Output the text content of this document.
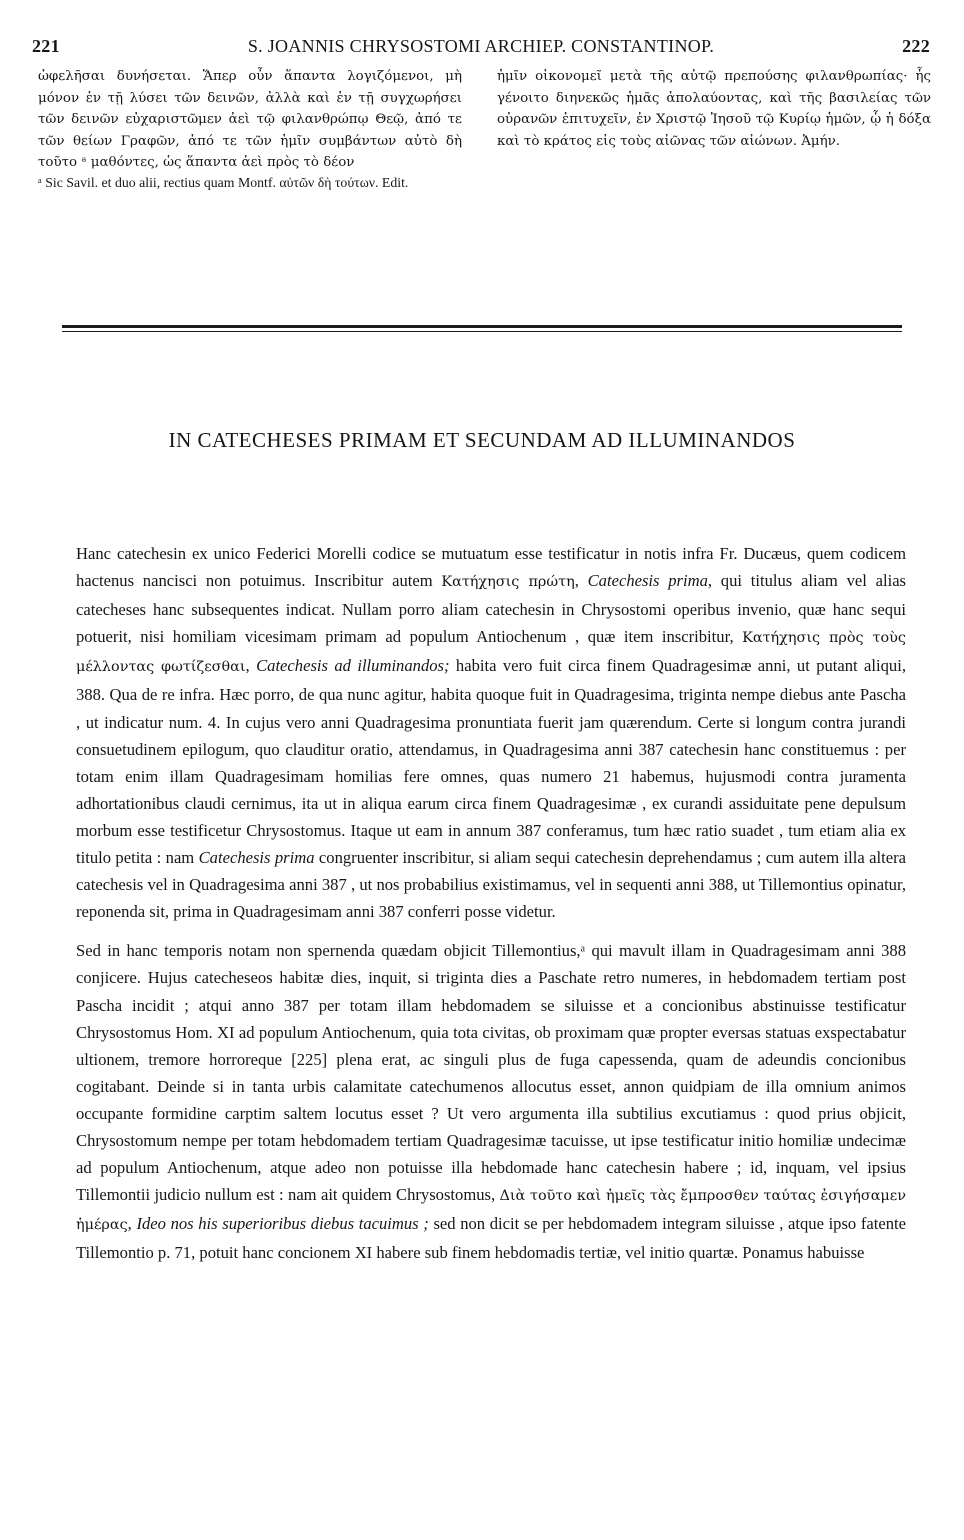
221	S. JOANNIS CHRYSOSTOMI ARCHIEP. CONSTANTINOP.	222

ὠφελῆσαι δυνήσεται. Ἅπερ οὖν ἅπαντα λογιζόμενοι, μὴ μόνον ἐν τῇ λύσει τῶν δεινῶν, ἀλλὰ καὶ ἐν τῇ συγχωρήσει τῶν δεινῶν εὐχαριστῶμεν ἀεὶ τῷ φιλανθρώπῳ Θεῷ, ἀπό τε τῶν θείων Γραφῶν, ἀπό τε τῶν ἡμῖν συμβάντων αὐτὸ δὴ τοῦτο ᵃ μαθόντες, ὡς ἅπαντα ἀεὶ πρὸς τὸ δέον

ᵃ Sic Savil. et duo alii, rectius quam Montf. αὐτῶν δὴ τούτων. Edit.

ἡμῖν οἰκονομεῖ μετὰ τῆς αὐτῷ πρεπούσης φιλανθρωπίας· ἧς γένοιτο διηνεκῶς ἡμᾶς ἀπολαύοντας, καὶ τῆς βασιλείας τῶν οὐρανῶν ἐπιτυχεῖν, ἐν Χριστῷ Ἰησοῦ τῷ Κυρίῳ ἡμῶν, ᾧ ἡ δόξα καὶ τὸ κράτος εἰς τοὺς αἰῶνας τῶν αἰώνων. Ἀμήν.

IN CATECHESES PRIMAM ET SECUNDAM AD ILLUMINANDOS

Hanc catechesin ex unico Federici Morelli codice se mutuatum esse testificatur in notis infra Fr. Ducæus, quem codicem hactenus nancisci non potuimus. Inscribitur autem Κατήχησις πρώτη, Catechesis prima, qui titulus aliam vel alias catecheses hanc subsequentes indicat. Nullam porro aliam catechesin in Chrysostomi operibus invenio, quæ hanc sequi potuerit, nisi homiliam vicesimam primam ad populum Antiochenum , quæ item inscribitur, Κατήχησις πρὸς τοὺς μέλλοντας φωτίζεσθαι, Catechesis ad illuminandos; habita vero fuit circa finem Quadragesimæ anni, ut putant aliqui, 388. Qua de re infra. Hæc porro, de qua nunc agitur, habita quoque fuit in Quadragesima, triginta nempe diebus ante Pascha , ut indicatur num. 4. In cujus vero anni Quadragesima pronuntiata fuerit jam quærendum. Certe si longum contra jurandi consuetudinem epilogum, quo clauditur oratio, attendamus, in Quadragesima anni 387 catechesin hanc constituemus : per totam enim illam Quadragesimam homilias fere omnes, quas numero 21 habemus, hujusmodi contra juramenta adhortationibus claudi cernimus, ita ut in aliqua earum circa finem Quadragesimæ , ex curandi assiduitate pene depulsum morbum esse testificetur Chrysostomus. Itaque ut eam in annum 387 conferamus, tum hæc ratio suadet , tum etiam alia ex titulo petita : nam Catechesis prima congruenter inscribitur, si aliam sequi catechesin deprehendamus ; cum autem illa altera catechesis vel in Quadragesima anni 387 , ut nos probabilius existimamus, vel in sequenti anni 388, ut Tillemontius opinatur, reponenda sit, prima in Quadragesimam anni 387 conferri posse videtur.

Sed in hanc temporis notam non spernenda quædam objicit Tillemontius,ᵃ qui mavult illam in Quadragesimam anni 388 conjicere. Hujus catecheseos habitæ dies, inquit, si triginta dies a Paschate retro numeres, in hebdomadem tertiam post Pascha incidit ; atqui anno 387 per totam illam hebdomadem se siluisse et a concionibus abstinuisse testificatur Chrysostomus Hom. XI ad populum Antiochenum, quia tota civitas, ob proximam quæ propter eversas statuas exspectabatur ultionem, tremore horroreque [225] plena erat, ac singuli plus de fuga capessenda, quam de adeundis concionibus cogitabant. Deinde si in tanta urbis calamitate catechumenos allocutus esset, annon quidpiam de illa omnium animos occupante formidine carptim saltem locutus esset ? Ut vero argumenta illa subtilius excutiamus : quod prius objicit, Chrysostomum nempe per totam hebdomadem tertiam Quadragesimæ tacuisse, ut ipse testificatur initio homiliæ undecimæ ad populum Antiochenum, atque adeo non potuisse illa hebdomade hanc catechesin habere ; id, inquam, vel ipsius Tillemontii judicio nullum est : nam ait quidem Chrysostomus, Διὰ τοῦτο καὶ ἡμεῖς τὰς ἔμπροσθεν ταύτας ἐσιγήσαμεν ἡμέρας, Ideo nos his superioribus diebus tacuimus ; sed non dicit se per hebdomadem integram siluisse , atque ipso fatente Tillemontio p. 71, potuit hanc concionem XI habere sub finem hebdomadis tertiæ, vel initio quartæ. Ponamus habuisse
